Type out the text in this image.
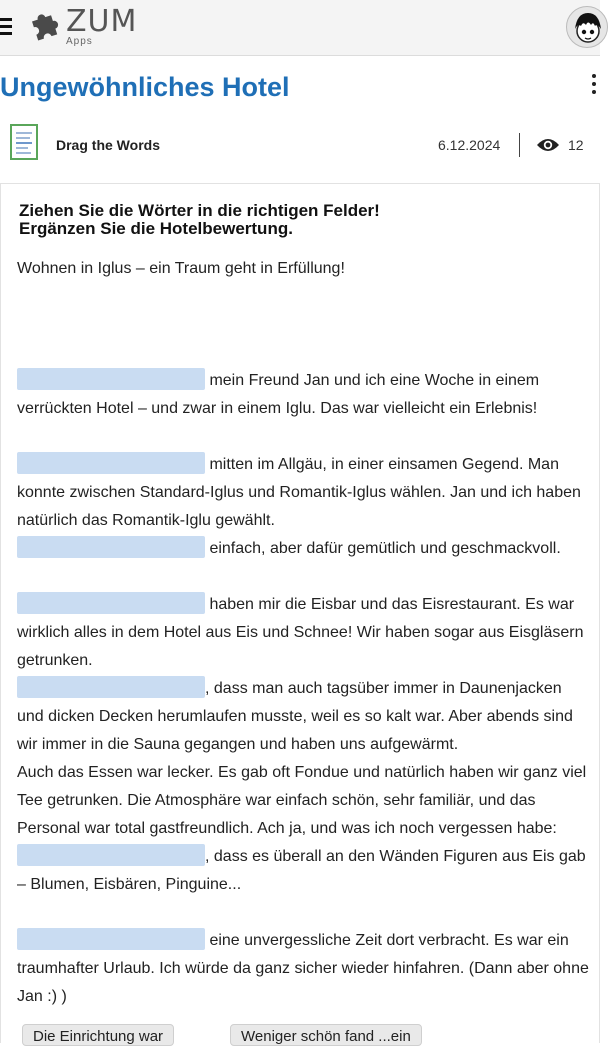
ZUM
Apps
Ungewöhnliches Hotel
Drag the Words	6.12.2024	12
Ziehen Sie die Wörter in die richtigen Felder!
Ergänzen Sie die Hotelbewertung.
Wohnen in Iglus – ein Traum geht in Erfüllung!
mein Freund Jan und ich eine Woche in einem verrückten Hotel – und zwar in einem Iglu. Das war vielleicht ein Erlebnis!
mitten im Allgäu, in einer einsamen Gegend. Man konnte zwischen Standard-Iglus und Romantik-Iglus wählen. Jan und ich haben natürlich das Romantik-Iglu gewählt.
einfach, aber dafür gemütlich und geschmackvoll.
haben mir die Eisbar und das Eisrestaurant. Es war wirklich alles in dem Hotel aus Eis und Schnee! Wir haben sogar aus Eisgläsern getrunken.
, dass man auch tagsüber immer in Daunenjacken und dicken Decken herumlaufen musste, weil es so kalt war. Aber abends sind wir immer in die Sauna gegangen und haben uns aufgewärmt.
Auch das Essen war lecker. Es gab oft Fondue und natürlich haben wir ganz viel Tee getrunken. Die Atmosphäre war einfach schön, sehr familiär, und das Personal war total gastfreundlich. Ach ja, und was ich noch vergessen habe:
, dass es überall an den Wänden Figuren aus Eis gab – Blumen, Eisbären, Pinguine...
eine unvergessliche Zeit dort verbracht. Es war ein traumhafter Urlaub. Ich würde da ganz sicher wieder hinfahren. (Dann aber ohne Jan :) )
Die Einrichtung war	Weniger schön fand ...ein
